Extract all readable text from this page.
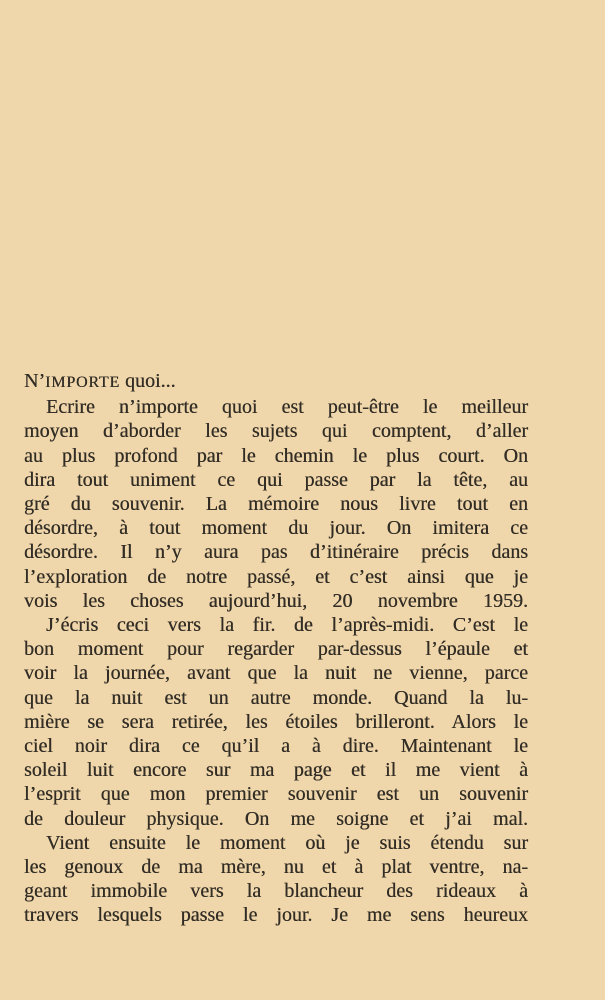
N’IMPORTE quoi...
Ecrire n’importe quoi est peut-être le meilleur
moyen d’aborder les sujets qui comptent, d’aller
au plus profond par le chemin le plus court. On
dira tout uniment ce qui passe par la tête, au
gré du souvenir. La mémoire nous livre tout en
désordre, à tout moment du jour. On imitera ce
désordre. Il n’y aura pas d’itinéraire précis dans
l’exploration de notre passé, et c’est ainsi que je
vois les choses aujourd’hui, 20 novembre 1959.
J’écris ceci vers la fir. de l’après-midi. C’est le
bon moment pour regarder par-dessus l’épaule et
voir la journée, avant que la nuit ne vienne, parce
que la nuit est un autre monde. Quand la lu-
mière se sera retirée, les étoiles brilleront. Alors le
ciel noir dira ce qu’il a à dire. Maintenant le
soleil luit encore sur ma page et il me vient à
l’esprit que mon premier souvenir est un souvenir
de douleur physique. On me soigne et j’ai mal.
Vient ensuite le moment où je suis étendu sur
les genoux de ma mère, nu et à plat ventre, na-
geant immobile vers la blancheur des rideaux à
travers lesquels passe le jour. Je me sens heureux
